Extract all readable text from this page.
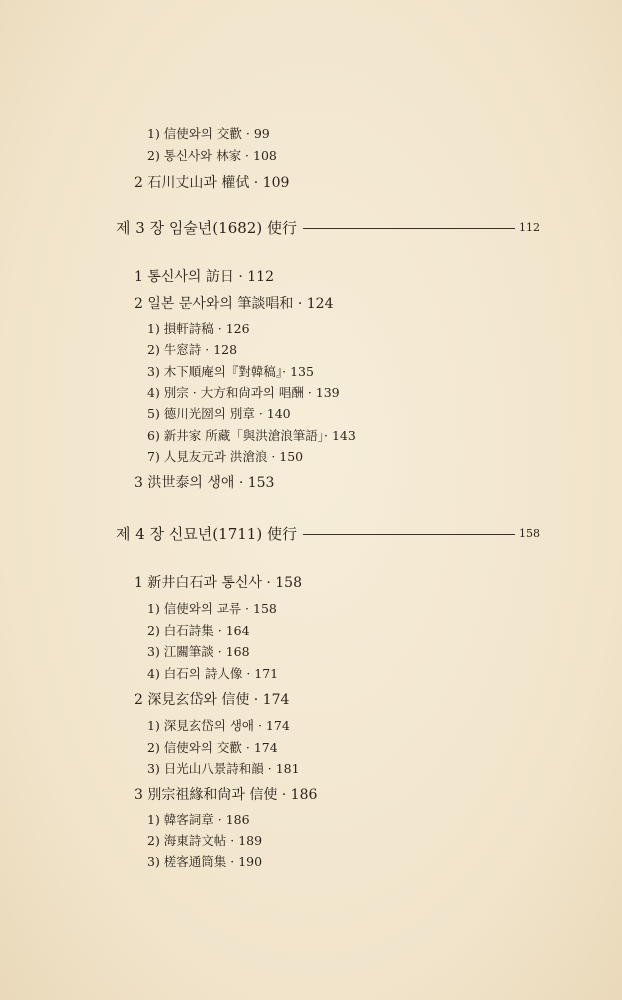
1) 信使와의 交歡 · 99
2) 통신사와 林家 · 108
2 石川丈山과 權侙 · 109
제 3 장 임술년(1682) 使行	112
1 통신사의 訪日 · 112
2 일본 문사와의 筆談唱和 · 124
1) 損軒詩稿 · 126
2) 牛窓詩 · 128
3) 木下順庵의『對韓稿』· 135
4) 別宗 · 大方和尙과의 唱酬 · 139
5) 德川光圀의 別章 · 140
6) 新井家 所藏「與洪滄浪筆語」· 143
7) 人見友元과 洪滄浪 · 150
3 洪世泰의 생애 · 153
제 4 장 신묘년(1711) 使行	158
1 新井白石과 통신사 · 158
1) 信使와의 교류 · 158
2) 白石詩集 · 164
3) 江關筆談 · 168
4) 白石의 詩人像 · 171
2 深見玄岱와 信使 · 174
1) 深見玄岱의 생애 · 174
2) 信使와의 交歡 · 174
3) 日光山八景詩和韻 · 181
3 別宗祖緣和尙과 信使 · 186
1) 韓客詞章 · 186
2) 海東詩文帖 · 189
3) 槎客通筒集 · 190
